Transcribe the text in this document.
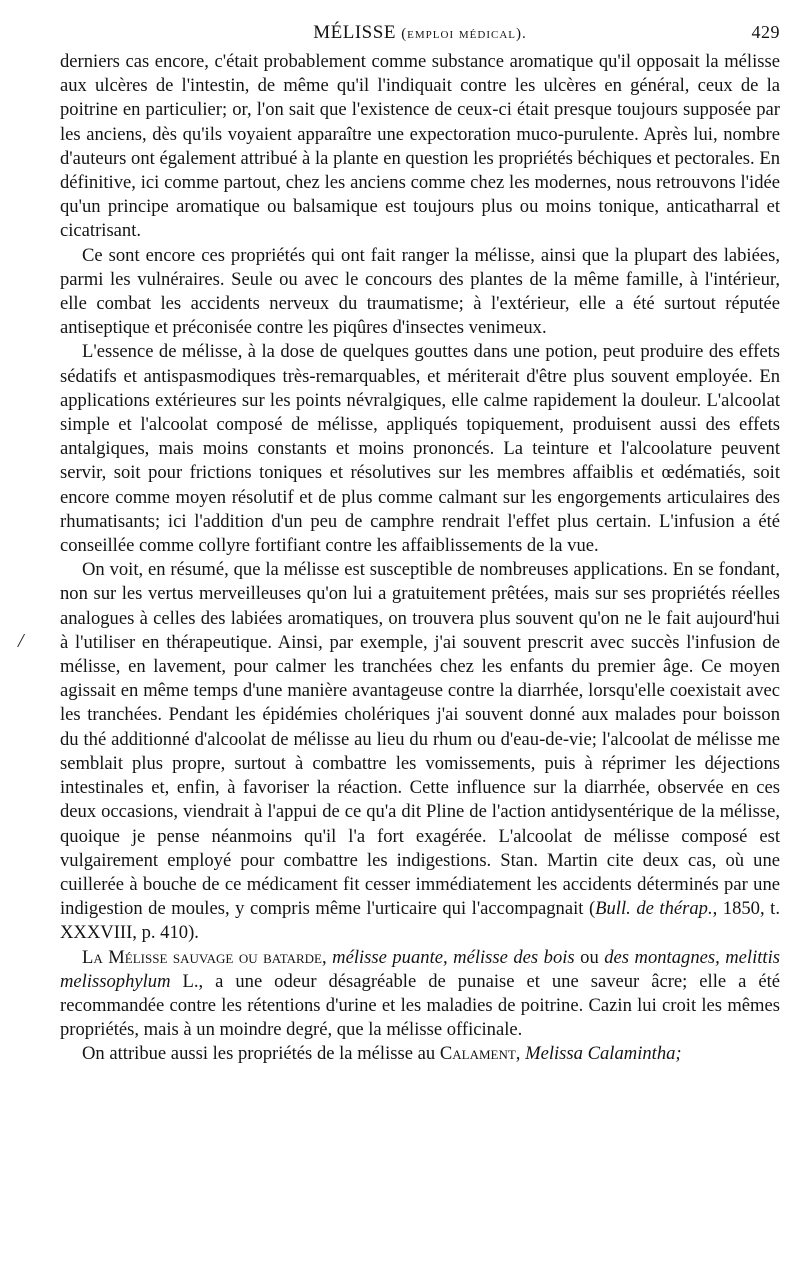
MÉLISSE (emploi médical).	429

derniers cas encore, c'était probablement comme substance aromatique qu'il opposait la mélisse aux ulcères de l'intestin, de même qu'il l'indiquait contre les ulcères en général, ceux de la poitrine en particulier; or, l'on sait que l'existence de ceux-ci était presque toujours supposée par les anciens, dès qu'ils voyaient apparaître une expectoration muco-purulente. Après lui, nombre d'auteurs ont également attribué à la plante en question les propriétés béchiques et pectorales. En définitive, ici comme partout, chez les anciens comme chez les modernes, nous retrouvons l'idée qu'un principe aromatique ou balsamique est toujours plus ou moins tonique, anticatharral et cicatrisant.

Ce sont encore ces propriétés qui ont fait ranger la mélisse, ainsi que la plupart des labiées, parmi les vulnéraires. Seule ou avec le concours des plantes de la même famille, à l'intérieur, elle combat les accidents nerveux du traumatisme; à l'extérieur, elle a été surtout réputée antiseptique et préconisée contre les piqûres d'insectes venimeux.

L'essence de mélisse, à la dose de quelques gouttes dans une potion, peut produire des effets sédatifs et antispasmodiques très-remarquables, et mériterait d'être plus souvent employée. En applications extérieures sur les points névralgiques, elle calme rapidement la douleur. L'alcoolat simple et l'alcoolat composé de mélisse, appliqués topiquement, produisent aussi des effets antalgiques, mais moins constants et moins prononcés. La teinture et l'alcoolature peuvent servir, soit pour frictions toniques et résolutives sur les membres affaiblis et œdématiés, soit encore comme moyen résolutif et de plus comme calmant sur les engorgements articulaires des rhumatisants; ici l'addition d'un peu de camphre rendrait l'effet plus certain. L'infusion a été conseillée comme collyre fortifiant contre les affaiblissements de la vue.

On voit, en résumé, que la mélisse est susceptible de nombreuses applications. En se fondant, non sur les vertus merveilleuses qu'on lui a gratuitement prêtées, mais sur ses propriétés réelles analogues à celles des labiées aromatiques, on trouvera plus souvent qu'on ne le fait aujourd'hui à l'utiliser en thérapeutique. Ainsi, par exemple, j'ai souvent prescrit avec succès l'infusion de mélisse, en lavement, pour calmer les tranchées chez les enfants du premier âge. Ce moyen agissait en même temps d'une manière avantageuse contre la diarrhée, lorsqu'elle coexistait avec les tranchées. Pendant les épidémies cholériques j'ai souvent donné aux malades pour boisson du thé additionné d'alcoolat de mélisse au lieu du rhum ou d'eau-de-vie; l'alcoolat de mélisse me semblait plus propre, surtout à combattre les vomissements, puis à réprimer les déjections intestinales et, enfin, à favoriser la réaction. Cette influence sur la diarrhée, observée en ces deux occasions, viendrait à l'appui de ce qu'a dit Pline de l'action antidysentérique de la mélisse, quoique je pense néanmoins qu'il l'a fort exagérée. L'alcoolat de mélisse composé est vulgairement employé pour combattre les indigestions. Stan. Martin cite deux cas, où une cuillerée à bouche de ce médicament fit cesser immédiatement les accidents déterminés par une indigestion de moules, y compris même l'urticaire qui l'accompagnait (Bull. de thérap., 1850, t. XXXVIII, p. 410).

La Mélisse sauvage ou batarde, mélisse puante, mélisse des bois ou des montagnes, melittis melissophylum L., a une odeur désagréable de punaise et une saveur âcre; elle a été recommandée contre les rétentions d'urine et les maladies de poitrine. Cazin lui croit les mêmes propriétés, mais à un moindre degré, que la mélisse officinale.

On attribue aussi les propriétés de la mélisse au Calament, Melissa Calamintha;

/
